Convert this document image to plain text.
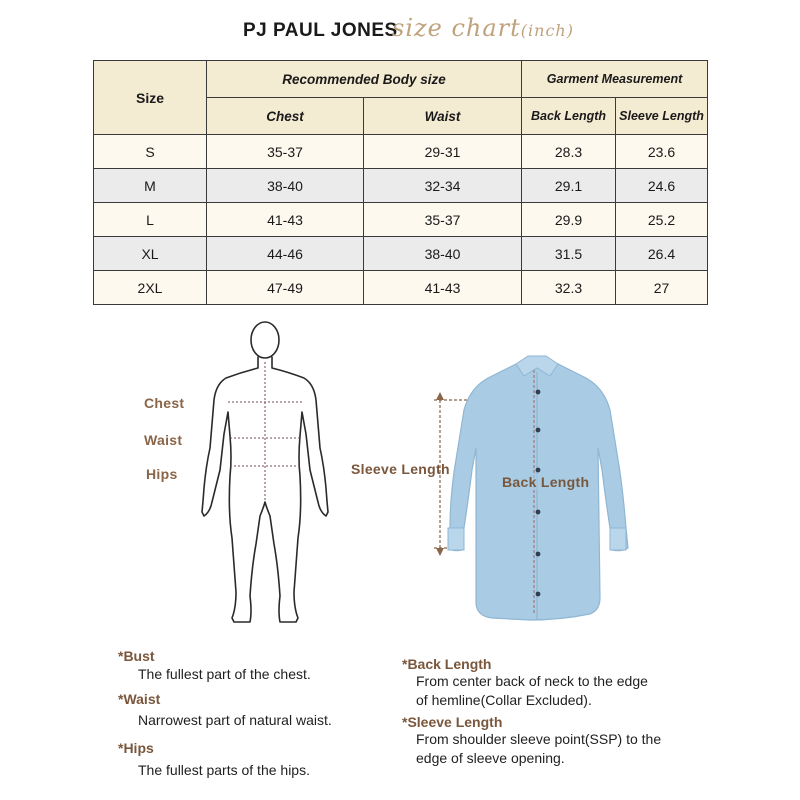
PJ PAUL JONES
size chart(inch)
Size	Recommended Body size		Garment Measurement	
	Chest	Waist	Back Length	Sleeve Length
S	35-37	29-31	28.3	23.6
M	38-40	32-34	29.1	24.6
L	41-43	35-37	29.9	25.2
XL	44-46	38-40	31.5	26.4
2XL	47-49	41-43	32.3	27
Chest
Waist
Hips	Sleeve Length
Back Length
*Bust
The fullest part of the chest.
*Waist
Narrowest part of natural waist.
*Hips
The fullest parts of the hips.
*Back Length
From center back of neck to the edge
of hemline(Collar Excluded).
*Sleeve Length
From shoulder sleeve point(SSP) to the
edge of sleeve opening.
